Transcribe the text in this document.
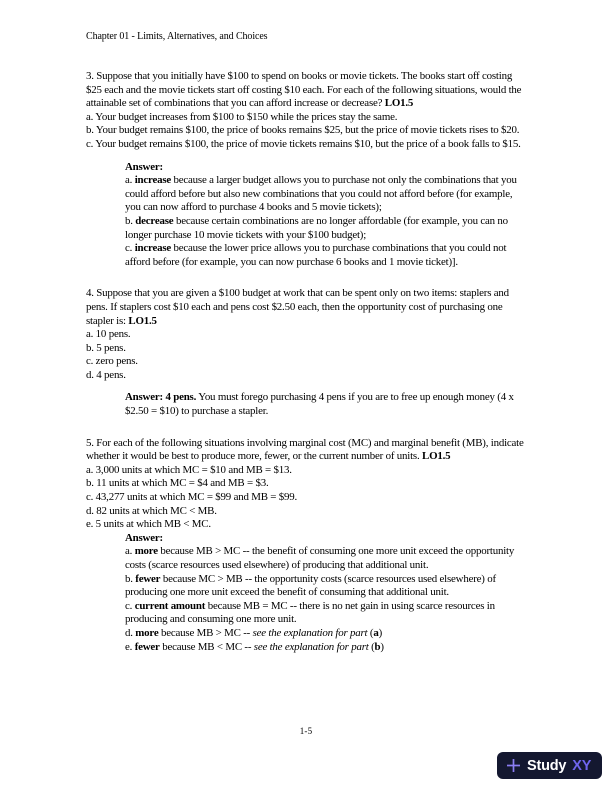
Chapter 01 - Limits, Alternatives, and Choices

3. Suppose that you initially have $100 to spend on books or movie tickets. The books start off costing $25 each and the movie tickets start off costing $10 each. For each of the following situations, would the attainable set of combinations that you can afford increase or decrease? LO1.5

a. Your budget increases from $100 to $150 while the prices stay the same.

b. Your budget remains $100, the price of books remains $25, but the price of movie tickets rises to $20.

c. Your budget remains $100, the price of movie tickets remains $10, but the price of a book falls to $15.

Answer:

a. increase because a larger budget allows you to purchase not only the combinations that you could afford before but also new combinations that you could not afford before (for example, you can now afford to purchase 4 books and 5 movie tickets);

b. decrease because certain combinations are no longer affordable (for example, you can no longer purchase 10 movie tickets with your $100 budget);

c. increase because the lower price allows you to purchase combinations that you could not afford before (for example, you can now purchase 6 books and 1 movie ticket)].

4. Suppose that you are given a $100 budget at work that can be spent only on two items: staplers and pens. If staplers cost $10 each and pens cost $2.50 each, then the opportunity cost of purchasing one stapler is: LO1.5

a. 10 pens.

b. 5 pens.

c. zero pens.

d. 4 pens.

Answer: 4 pens. You must forego purchasing 4 pens if you are to free up enough money (4 x $2.50 = $10) to purchase a stapler.

5. For each of the following situations involving marginal cost (MC) and marginal benefit (MB), indicate whether it would be best to produce more, fewer, or the current number of units. LO1.5

a. 3,000 units at which MC = $10 and MB = $13.

b. 11 units at which MC = $4 and MB = $3.

c. 43,277 units at which MC = $99 and MB = $99.

d. 82 units at which MC < MB.

e. 5 units at which MB < MC.

Answer:

a. more because MB > MC -- the benefit of consuming one more unit exceed the opportunity costs (scarce resources used elsewhere) of producing that additional unit.

b. fewer because MC > MB -- the opportunity costs (scarce resources used elsewhere) of producing one more unit exceed the benefit of consuming that additional unit.

c. current amount because MB = MC -- there is no net gain in using scarce resources in producing and consuming one more unit.

d. more because MB > MC -- see the explanation for part (a)

e. fewer because MB < MC -- see the explanation for part (b)

1-5
Study XY
